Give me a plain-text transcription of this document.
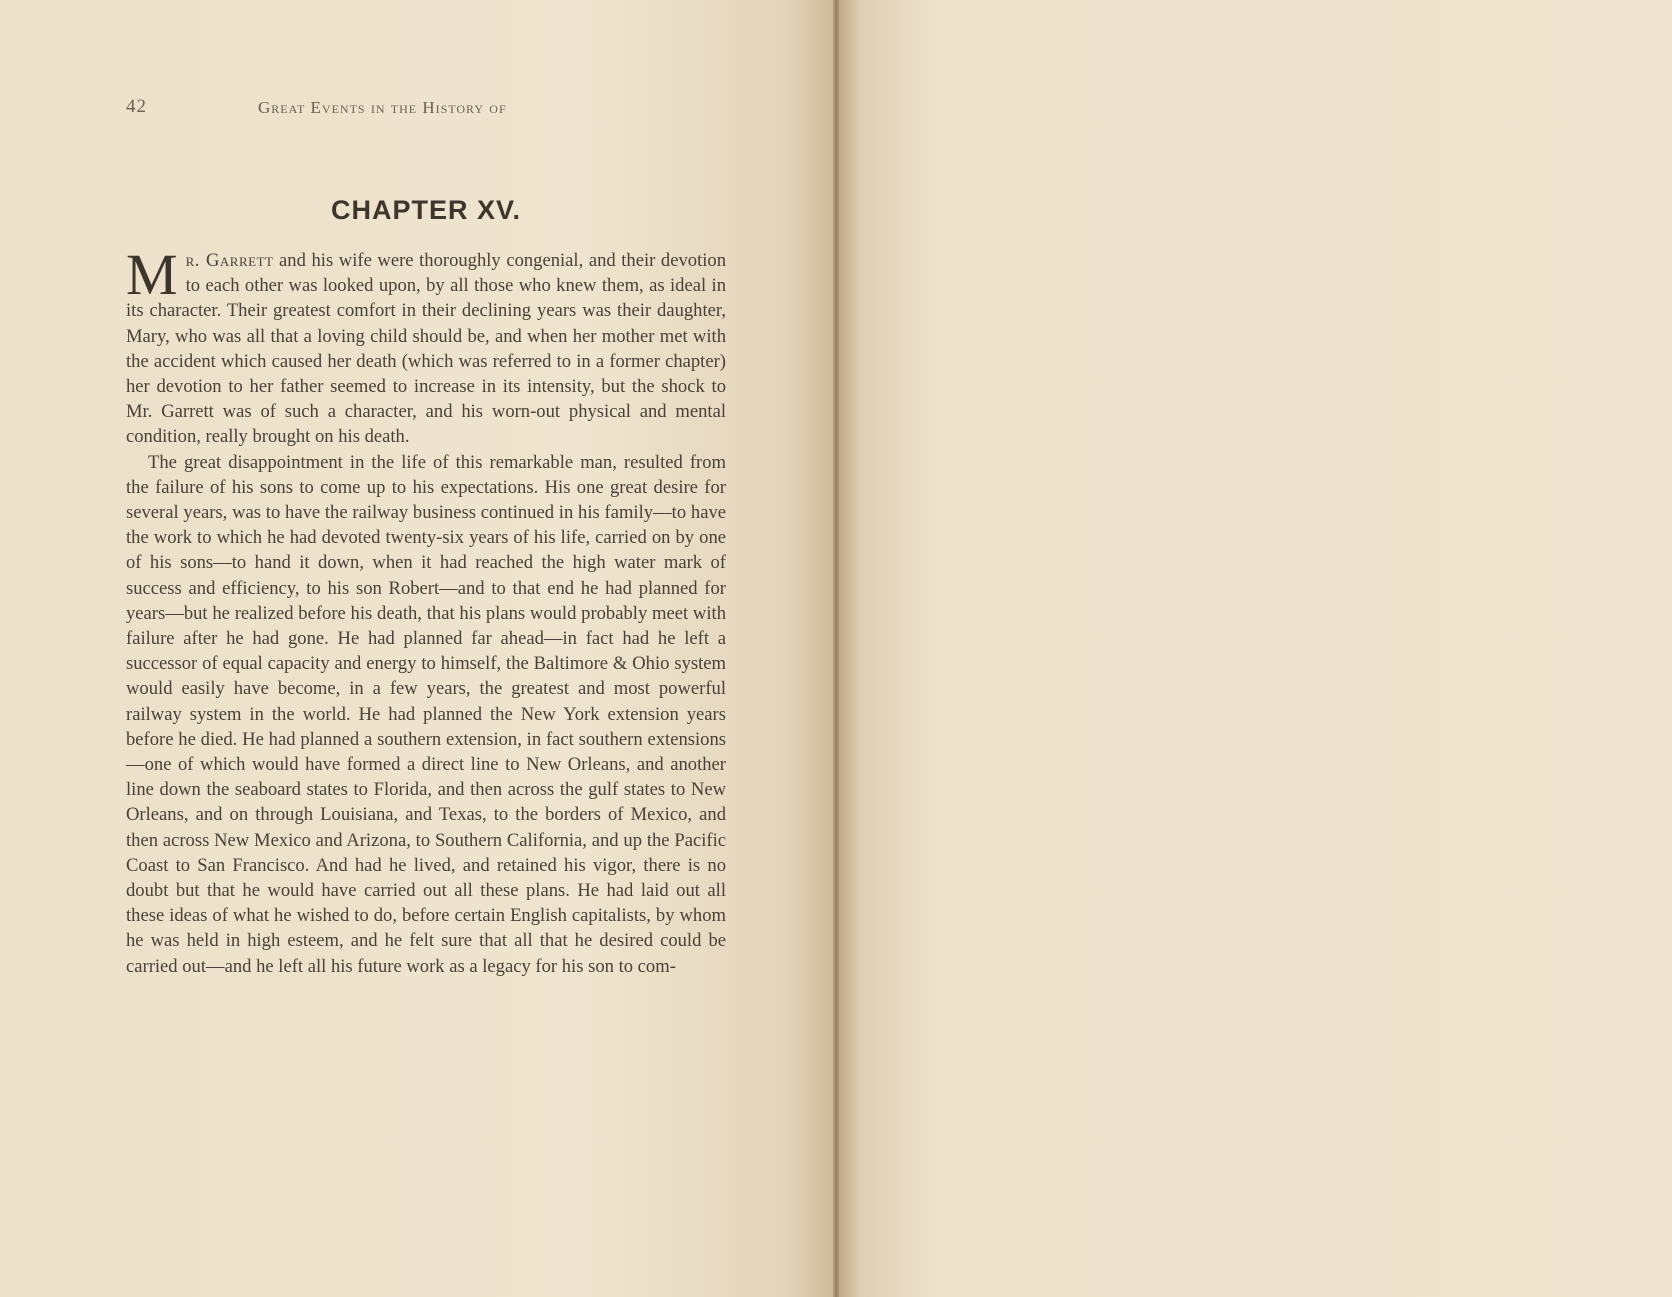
42	Great Events in the History of
CHAPTER XV.

Mr. Garrett and his wife were thoroughly congenial, and their devotion to each other was looked upon, by all those who knew them, as ideal in its character. Their greatest comfort in their declining years was their daughter, Mary, who was all that a loving child should be, and when her mother met with the accident which caused her death (which was referred to in a former chapter) her devotion to her father seemed to increase in its intensity, but the shock to Mr. Garrett was of such a character, and his worn-out physical and mental condition, really brought on his death.

The great disappointment in the life of this remarkable man, resulted from the failure of his sons to come up to his expectations. His one great desire for several years, was to have the railway business continued in his family—to have the work to which he had devoted twenty-six years of his life, carried on by one of his sons—to hand it down, when it had reached the high water mark of success and efficiency, to his son Robert—and to that end he had planned for years—but he realized before his death, that his plans would probably meet with failure after he had gone. He had planned far ahead—in fact had he left a successor of equal capacity and energy to himself, the Baltimore & Ohio system would easily have become, in a few years, the greatest and most powerful railway system in the world. He had planned the New York extension years before he died. He had planned a southern extension, in fact southern extensions—one of which would have formed a direct line to New Orleans, and another line down the seaboard states to Florida, and then across the gulf states to New Orleans, and on through Louisiana, and Texas, to the borders of Mexico, and then across New Mexico and Arizona, to Southern California, and up the Pacific Coast to San Francisco. And had he lived, and retained his vigor, there is no doubt but that he would have carried out all these plans. He had laid out all these ideas of what he wished to do, before certain English capitalists, by whom he was held in high esteem, and he felt sure that all that he desired could be carried out—and he left all his future work as a legacy for his son to com-
